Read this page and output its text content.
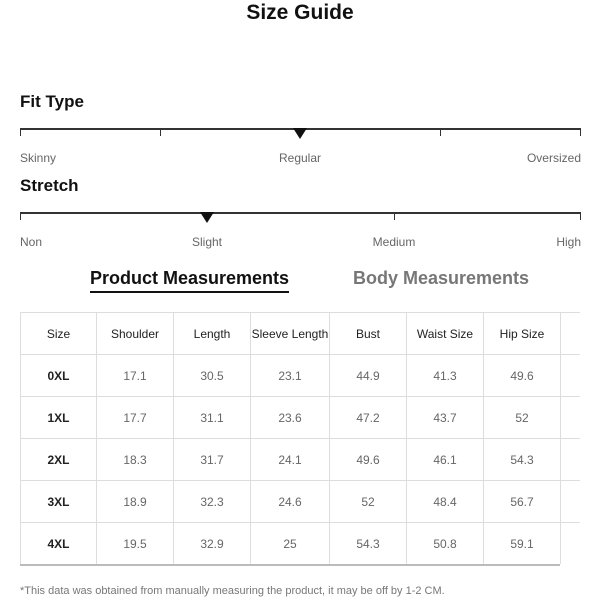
Size Guide
Fit Type
Skinny	Regular	Oversized
Stretch
Non	Slight	Medium	High
Product Measurements	Body Measurements
Size	Shoulder	Length	Sleeve Length	Bust	Waist Size	Hip Size	
0XL	17.1	30.5	23.1	44.9	41.3	49.6	
1XL	17.7	31.1	23.6	47.2	43.7	52	
2XL	18.3	31.7	24.1	49.6	46.1	54.3	
3XL	18.9	32.3	24.6	52	48.4	56.7	
4XL	19.5	32.9	25	54.3	50.8	59.1	
*This data was obtained from manually measuring the product, it may be off by 1-2 CM.
